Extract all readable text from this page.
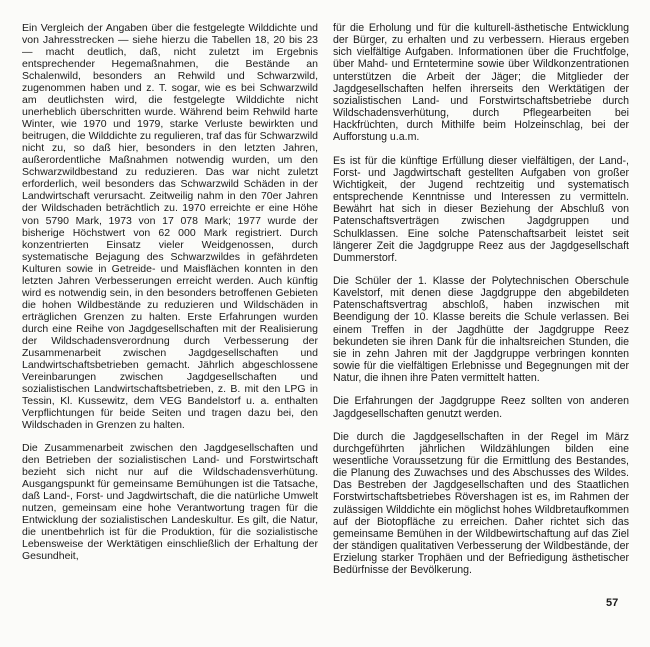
Ein Vergleich der Angaben über die festgelegte Wilddichte und von Jahresstrecken — siehe hierzu die Tabellen 18, 20 bis 23 — macht deutlich, daß, nicht zuletzt im Ergebnis entsprechender Hegemaßnahmen, die Bestände an Schalenwild, besonders an Rehwild und Schwarzwild, zugenommen haben und z. T. sogar, wie es bei Schwarzwild am deutlichsten wird, die festgelegte Wilddichte nicht unerheblich überschritten wurde. Während beim Rehwild harte Winter, wie 1970 und 1979, starke Verluste bewirkten und beitrugen, die Wilddichte zu regulieren, traf das für Schwarzwild nicht zu, so daß hier, besonders in den letzten Jahren, außerordentliche Maßnahmen notwendig wurden, um den Schwarzwildbestand zu reduzieren. Das war nicht zuletzt erforderlich, weil besonders das Schwarzwild Schäden in der Landwirtschaft verursacht. Zeitweilig nahm in den 70er Jahren der Wildschaden beträchtlich zu. 1970 erreichte er eine Höhe von 5790 Mark, 1973 von 17 078 Mark; 1977 wurde der bisherige Höchstwert von 62 000 Mark registriert. Durch konzentrierten Einsatz vieler Weidgenossen, durch systematische Bejagung des Schwarzwildes in gefährdeten Kulturen sowie in Getreide- und Maisflächen konnten in den letzten Jahren Verbesserungen erreicht werden. Auch künftig wird es notwendig sein, in den besonders betroffenen Gebieten die hohen Wildbestände zu reduzieren und Wildschäden in erträglichen Grenzen zu halten. Erste Erfahrungen wurden durch eine Reihe von Jagdgesellschaften mit der Realisierung der Wildschadensverordnung durch Verbesserung der Zusammenarbeit zwischen Jagdgesellschaften und Landwirtschaftsbetrieben gemacht. Jährlich abgeschlossene Vereinbarungen zwischen Jagdgesellschaften und sozialistischen Landwirtschaftsbetrieben, z. B. mit den LPG in Tessin, Kl. Kussewitz, dem VEG Bandelstorf u. a. enthalten Verpflichtungen für beide Seiten und tragen dazu bei, den Wildschaden in Grenzen zu halten.

Die Zusammenarbeit zwischen den Jagdgesellschaften und den Betrieben der sozialistischen Land- und Forstwirtschaft bezieht sich nicht nur auf die Wildschadensverhütung. Ausgangspunkt für gemeinsame Bemühungen ist die Tatsache, daß Land-, Forst- und Jagdwirtschaft, die die natürliche Umwelt nutzen, gemeinsam eine hohe Verantwortung tragen für die Entwicklung der sozialistischen Landeskultur. Es gilt, die Natur, die unentbehrlich ist für die Produktion, für die sozialistische Lebensweise der Werktätigen einschließlich der Erhaltung der Gesundheit,

für die Erholung und für die kulturell-ästhetische Entwicklung der Bürger, zu erhalten und zu verbessern. Hieraus ergeben sich vielfältige Aufgaben. Informationen über die Fruchtfolge, über Mahd- und Erntetermine sowie über Wildkonzentrationen unterstützen die Arbeit der Jäger; die Mitglieder der Jagdgesellschaften helfen ihrerseits den Werktätigen der sozialistischen Land- und Forstwirtschaftsbetriebe durch Wildschadensverhütung, durch Pflegearbeiten bei Hackfrüchten, durch Mithilfe beim Holzeinschlag, bei der Aufforstung u.a.m.

Es ist für die künftige Erfüllung dieser vielfältigen, der Land-, Forst- und Jagdwirtschaft gestellten Aufgaben von großer Wichtigkeit, der Jugend rechtzeitig und systematisch entsprechende Kenntnisse und Interessen zu vermitteln. Bewährt hat sich in dieser Beziehung der Abschluß von Patenschaftsverträgen zwischen Jagdgruppen und Schulklassen. Eine solche Patenschaftsarbeit leistet seit längerer Zeit die Jagdgruppe Reez aus der Jagdgesellschaft Dummerstorf.

Die Schüler der 1. Klasse der Polytechnischen Oberschule Kavelstorf, mit denen diese Jagdgruppe den abgebildeten Patenschaftsvertrag abschloß, haben inzwischen mit Beendigung der 10. Klasse bereits die Schule verlassen. Bei einem Treffen in der Jagdhütte der Jagdgruppe Reez bekundeten sie ihren Dank für die inhaltsreichen Stunden, die sie in zehn Jahren mit der Jagdgruppe verbringen konnten sowie für die vielfältigen Erlebnisse und Begegnungen mit der Natur, die ihnen ihre Paten vermittelt hatten.

Die Erfahrungen der Jagdgruppe Reez sollten von anderen Jagdgesellschaften genutzt werden.

Die durch die Jagdgesellschaften in der Regel im März durchgeführten jährlichen Wildzählungen bilden eine wesentliche Voraussetzung für die Ermittlung des Bestandes, die Planung des Zuwachses und des Abschusses des Wildes. Das Bestreben der Jagdgesellschaften und des Staatlichen Forstwirtschaftsbetriebes Rövershagen ist es, im Rahmen der zulässigen Wilddichte ein möglichst hohes Wildbretaufkommen auf der Biotopfläche zu erreichen. Daher richtet sich das gemeinsame Bemühen in der Wildbewirtschaftung auf das Ziel der ständigen qualitativen Verbesserung der Wildbestände, der Erzielung starker Trophäen und der Befriedigung ästhetischer Bedürfnisse der Bevölkerung.

57
